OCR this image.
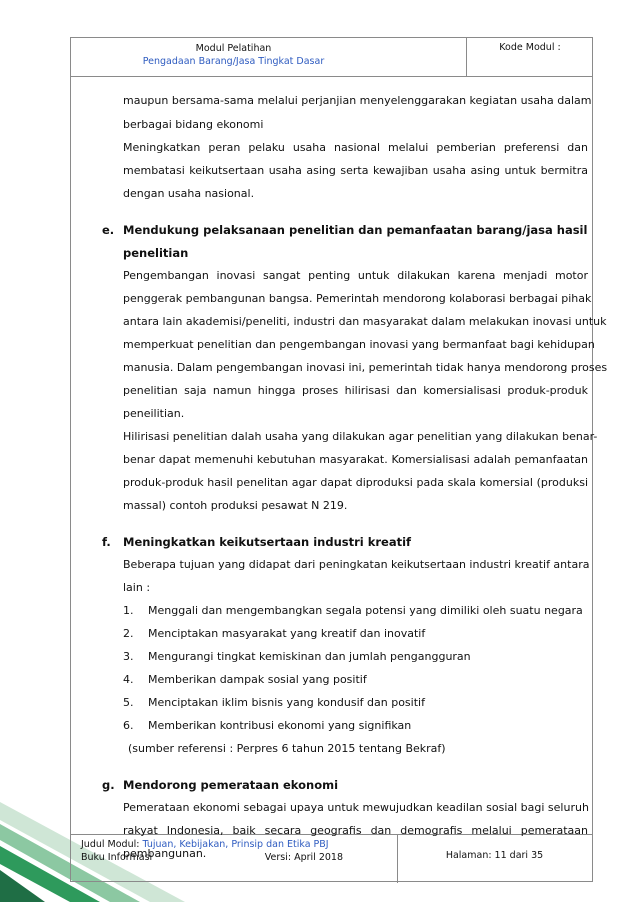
Modul Pelatihan
Pengadaan Barang/Jasa Tingkat Dasar
Kode Modul :
Judul Modul: Tujuan, Kebijakan, Prinsip dan Etika PBJ
Buku Informasi	Versi: April 2018	Halaman: 11 dari 35
maupun bersama-sama melalui perjanjian menyelenggarakan kegiatan usaha dalam
berbagai bidang ekonomi
Meningkatkan peran pelaku usaha nasional melalui pemberian preferensi dan
membatasi keikutsertaan usaha asing serta kewajiban usaha asing untuk bermitra
dengan usaha nasional.
e. Mendukung pelaksanaan penelitian dan pemanfaatan barang/jasa hasil
penelitian
Pengembangan inovasi sangat penting untuk dilakukan karena menjadi motor
penggerak pembangunan bangsa. Pemerintah mendorong kolaborasi berbagai pihak
antara lain akademisi/peneliti, industri dan masyarakat dalam melakukan inovasi untuk
memperkuat penelitian dan pengembangan inovasi yang bermanfaat bagi kehidupan
manusia. Dalam pengembangan inovasi ini, pemerintah tidak hanya mendorong proses
penelitian saja namun hingga proses hilirisasi dan komersialisasi produk-produk
peneilitian.
Hilirisasi penelitian dalah usaha yang dilakukan agar penelitian yang dilakukan benar-
benar dapat memenuhi kebutuhan masyarakat. Komersialisasi adalah pemanfaatan
produk-produk hasil penelitan agar dapat diproduksi pada skala komersial (produksi
massal) contoh produksi pesawat N 219.
f. Meningkatkan keikutsertaan industri kreatif
Beberapa tujuan yang didapat dari peningkatan keikutsertaan industri kreatif antara
lain :
1. Menggali dan mengembangkan segala potensi yang dimiliki oleh suatu negara
2. Menciptakan masyarakat yang kreatif dan inovatif
3. Mengurangi tingkat kemiskinan dan jumlah pengangguran
4. Memberikan dampak sosial yang positif
5. Menciptakan iklim bisnis yang kondusif dan positif
6. Memberikan kontribusi ekonomi yang signifikan
(sumber referensi : Perpres 6 tahun 2015 tentang Bekraf)
g. Mendorong pemerataan ekonomi
Pemerataan ekonomi sebagai upaya untuk mewujudkan keadilan sosial bagi seluruh
rakyat Indonesia, baik secara geografis dan demografis melalui pemerataan
pembangunan.
